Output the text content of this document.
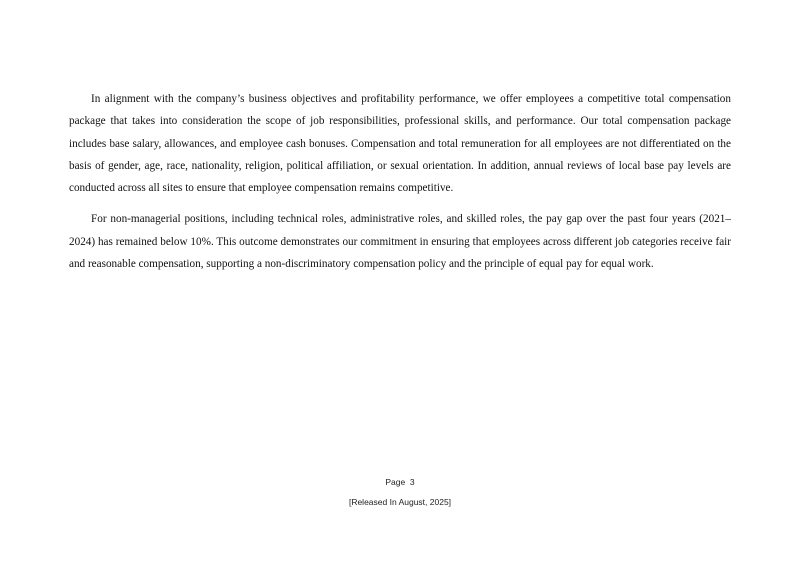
In alignment with the company’s business objectives and profitability performance, we offer employees a competitive total compensation package that takes into consideration the scope of job responsibilities, professional skills, and performance. Our total compensation package includes base salary, allowances, and employee cash bonuses. Compensation and total remuneration for all employees are not differentiated on the basis of gender, age, race, nationality, religion, political affiliation, or sexual orientation. In addition, annual reviews of local base pay levels are conducted across all sites to ensure that employee compensation remains competitive.

For non-managerial positions, including technical roles, administrative roles, and skilled roles, the pay gap over the past four years (2021–2024) has remained below 10%. This outcome demonstrates our commitment in ensuring that employees across different job categories receive fair and reasonable compensation, supporting a non-discriminatory compensation policy and the principle of equal pay for equal work.

Page 3
[Released In August, 2025]
